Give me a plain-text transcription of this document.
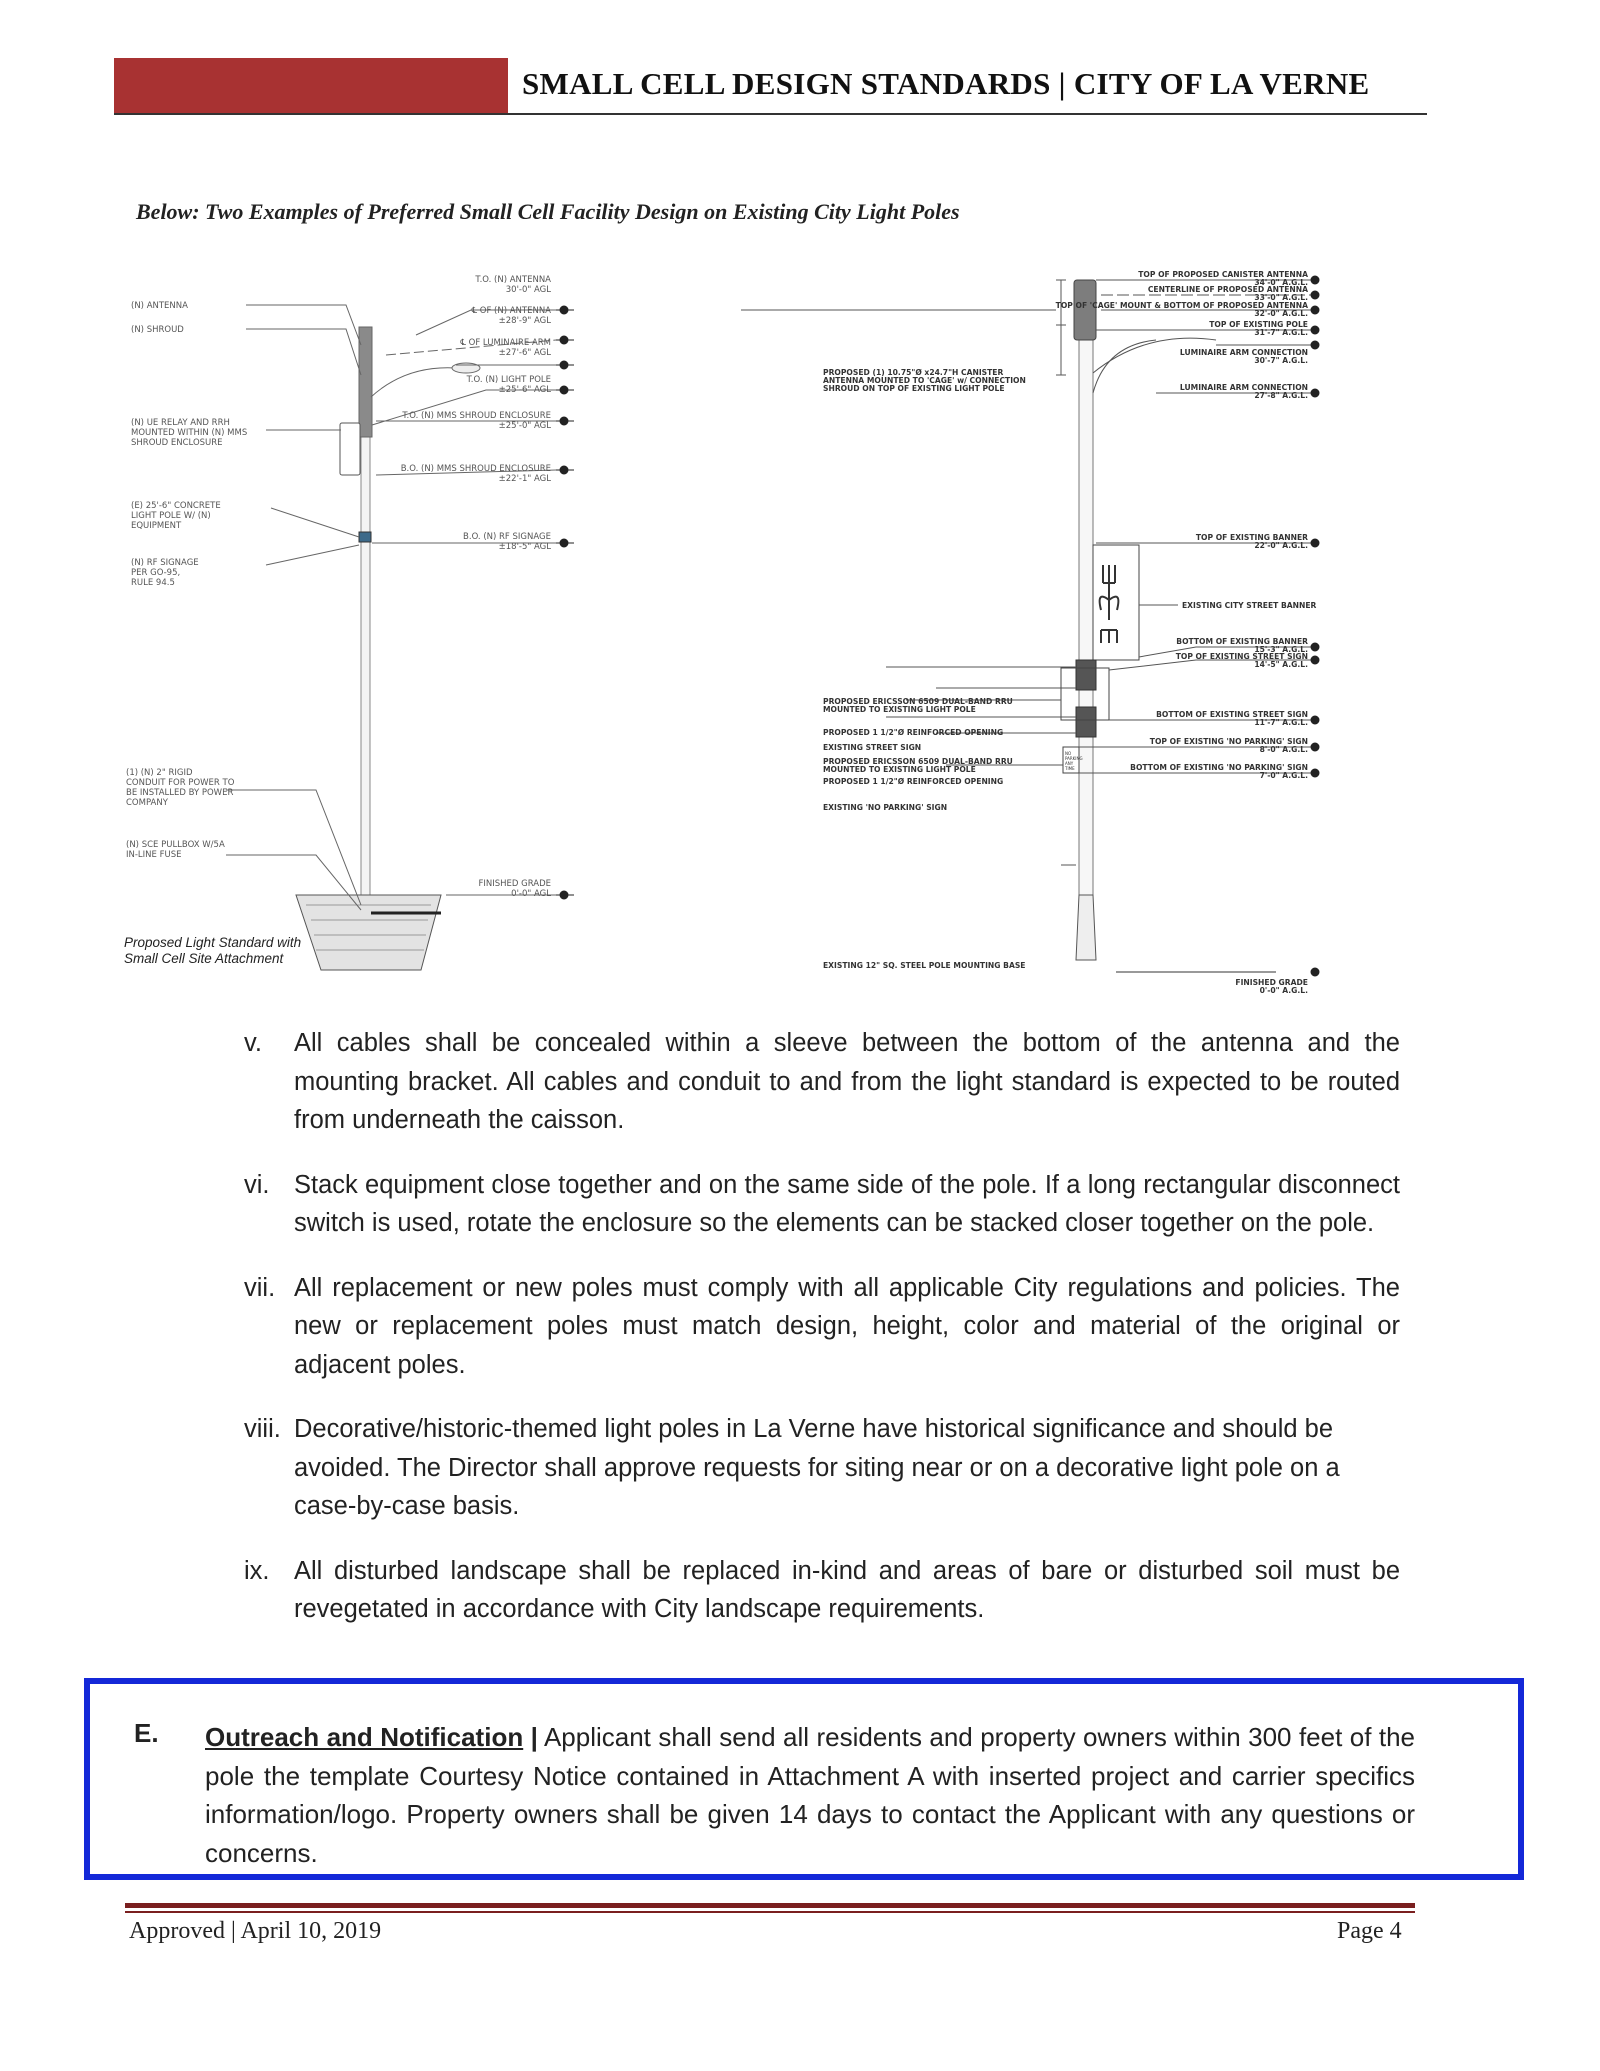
SMALL CELL DESIGN STANDARDS | CITY OF LA VERNE
Below: Two Examples of Preferred Small Cell Facility Design on Existing City Light Poles
(N) ANTENNA
(N) SHROUD
(N) UE RELAY AND RRH
MOUNTED WITHIN (N) MMS
SHROUD ENCLOSURE
(E) 25'-6" CONCRETE
LIGHT POLE W/ (N)
EQUIPMENT
(N) RF SIGNAGE
PER GO-95,
RULE 94.5
(1) (N) 2" RIGID
CONDUIT FOR POWER TO
BE INSTALLED BY POWER
COMPANY
(N) SCE PULLBOX W/5A
IN-LINE FUSE
T.O. (N) ANTENNA
30'-0" AGL
℄ OF (N) ANTENNA
±28'-9" AGL
℄ OF LUMINAIRE ARM
±27'-6" AGL
T.O. (N) LIGHT POLE
±25'-6" AGL
T.O. (N) MMS SHROUD ENCLOSURE
±25'-0" AGL
B.O. (N) MMS SHROUD ENCLOSURE
±22'-1" AGL
B.O. (N) RF SIGNAGE
±18'-5" AGL
FINISHED GRADE
0'-0" AGL
Proposed Light Standard with
Small Cell Site Attachment
TOP OF PROPOSED CANISTER ANTENNA
34'-0" A.G.L.
CENTERLINE OF PROPOSED ANTENNA
33'-0" A.G.L.
TOP OF 'CAGE' MOUNT & BOTTOM OF PROPOSED ANTENNA
32'-0" A.G.L.
TOP OF EXISTING POLE
31'-7" A.G.L.
LUMINAIRE ARM CONNECTION
30'-7" A.G.L.
LUMINAIRE ARM CONNECTION
27'-8" A.G.L.
TOP OF EXISTING BANNER
22'-0" A.G.L.
EXISTING CITY STREET BANNER
BOTTOM OF EXISTING BANNER
15'-3" A.G.L.
TOP OF EXISTING STREET SIGN
14'-5" A.G.L.
BOTTOM OF EXISTING STREET SIGN
11'-7" A.G.L.
TOP OF EXISTING 'NO PARKING' SIGN
8'-0" A.G.L.
BOTTOM OF EXISTING 'NO PARKING' SIGN
7'-0" A.G.L.
PROPOSED (1) 10.75"Ø x24.7"H CANISTER
ANTENNA MOUNTED TO 'CAGE' w/ CONNECTION
SHROUD ON TOP OF EXISTING LIGHT POLE
PROPOSED ERICSSON 6509 DUAL-BAND RRU
MOUNTED TO EXISTING LIGHT POLE
PROPOSED 1 1/2"Ø REINFORCED OPENING
EXISTING STREET SIGN
PROPOSED ERICSSON 6509 DUAL-BAND RRU
MOUNTED TO EXISTING LIGHT POLE
PROPOSED 1 1/2"Ø REINFORCED OPENING
EXISTING 'NO PARKING' SIGN
EXISTING 12" SQ. STEEL POLE MOUNTING BASE
FINISHED GRADE
0'-0" A.G.L.
NO
PARKING
ANY
TIME
v. All cables shall be concealed within a sleeve between the bottom of the antenna and the mounting bracket. All cables and conduit to and from the light standard is expected to be routed from underneath the caisson.
vi. Stack equipment close together and on the same side of the pole. If a long rectangular disconnect switch is used, rotate the enclosure so the elements can be stacked closer together on the pole.
vii. All replacement or new poles must comply with all applicable City regulations and policies. The new or replacement poles must match design, height, color and material of the original or adjacent poles.
viii. Decorative/historic-themed light poles in La Verne have historical significance and should be avoided. The Director shall approve requests for siting near or on a decorative light pole on a case-by-case basis.
ix. All disturbed landscape shall be replaced in-kind and areas of bare or disturbed soil must be revegetated in accordance with City landscape requirements.
E. Outreach and Notification | Applicant shall send all residents and property owners within 300 feet of the pole the template Courtesy Notice contained in Attachment A with inserted project and carrier specifics information/logo. Property owners shall be given 14 days to contact the Applicant with any questions or concerns.
Approved | April 10, 2019	Page 4
